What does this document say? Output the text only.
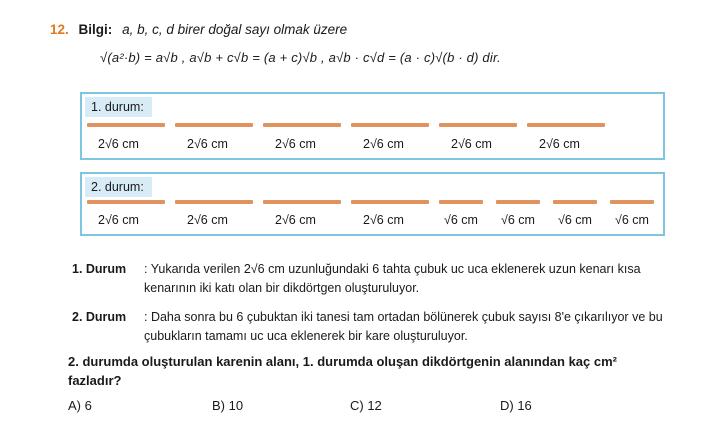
12. Bilgi: a, b, c, d birer doğal sayı olmak üzere
√(a²·b) = a√b , a√b + c√b = (a + c)√b , a√b · c√d = (a · c)√(b · d) dir.
1. durum:
2√6 cm	2√6 cm	2√6 cm	2√6 cm	2√6 cm	2√6 cm
2. durum:
2√6 cm	2√6 cm	2√6 cm	2√6 cm	√6 cm √6 cm √6 cm √6 cm
1. Durum : Yukarıda verilen 2√6 cm uzunluğundaki 6 tahta çubuk uc uca eklenerek uzun kenarı kısa kenarının iki katı olan bir dikdörtgen oluşturuluyor.
2. Durum : Daha sonra bu 6 çubuktan iki tanesi tam ortadan bölünerek çubuk sayısı 8'e çıkarılıyor ve bu çubukların tamamı uc uca eklenerek bir kare oluşturuluyor.
2. durumda oluşturulan karenin alanı, 1. durumda oluşan dikdörtgenin alanından kaç cm² fazladır?
A) 6	B) 10	C) 12	D) 16
